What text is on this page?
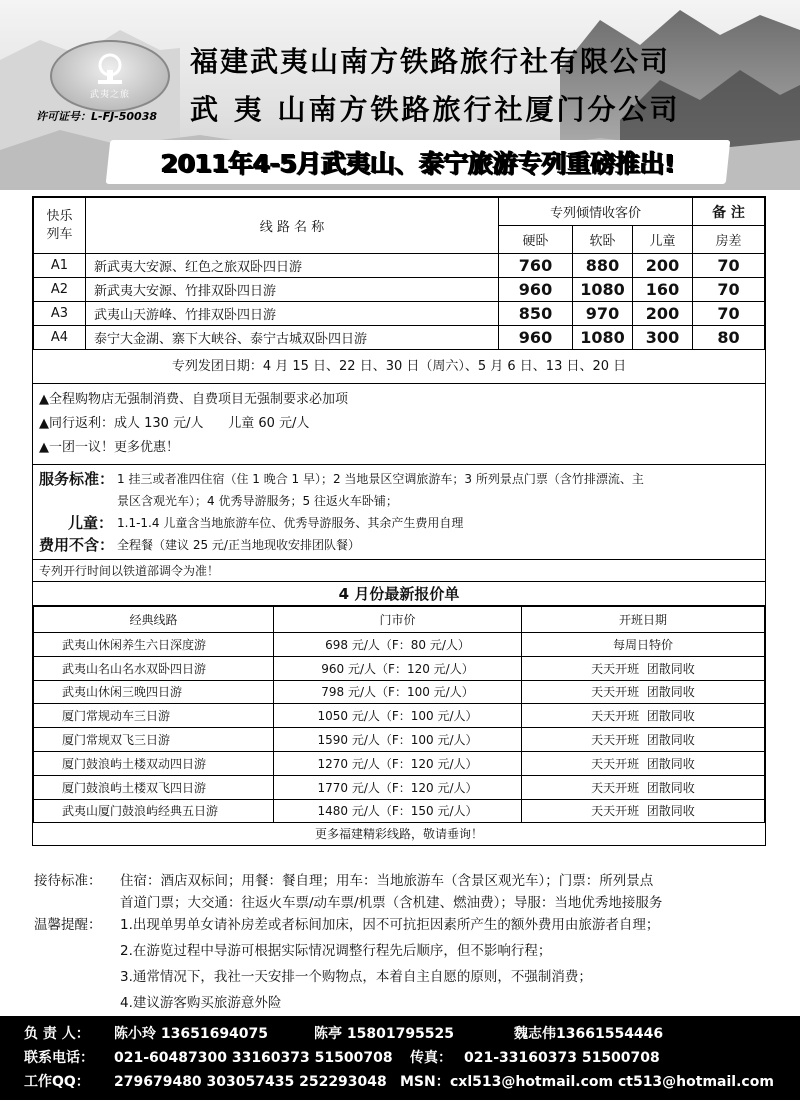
武夷之旅
许可证号：L-FJ-50038
福建武夷山南方铁路旅行社有限公司
武 夷 山南方铁路旅行社厦门分公司
2011年4-5月武夷山、泰宁旅游专列重磅推出!
快乐列车	线 路 名 称	专列倾情收客价			备 注
		硬卧	软卧	儿童	房差
A1	新武夷大安源、红色之旅双卧四日游	760	880	200	70
A2	新武夷大安源、竹排双卧四日游	960	1080	160	70
A3	武夷山天游峰、竹排双卧四日游	850	970	200	70
A4	泰宁大金湖、寨下大峡谷、泰宁古城双卧四日游	960	1080	300	80
专列发团日期：4 月 15 日、22 日、30 日（周六）、5 月 6 日、13 日、20 日
▲全程购物店无强制消费、自费项目无强制要求必加项
▲同行返利：成人 130 元/人      儿童 60 元/人
▲一团一议！更多优惠！
服务标准： 1 挂三或者准四住宿（住 1 晚合 1 早）；2 当地景区空调旅游车；3 所列景点门票（含竹排漂流、主
景区含观光车）；4 优秀导游服务；5 往返火车卧铺；
儿童： 1.1-1.4 儿童含当地旅游车位、优秀导游服务、其余产生费用自理
费用不含： 全程餐（建议 25 元/正当地现收安排团队餐）
专列开行时间以铁道部调令为准！
4 月份最新报价单
经典线路	门市价	开班日期
武夷山休闲养生六日深度游	698 元/人（F：80 元/人）	每周日特价
武夷山名山名水双卧四日游	960 元/人（F：120 元/人）	天天开班  团散同收
武夷山休闲三晚四日游	798 元/人（F：100 元/人）	天天开班  团散同收
厦门常规动车三日游	1050 元/人（F：100 元/人）	天天开班  团散同收
厦门常规双飞三日游	1590 元/人（F：100 元/人）	天天开班  团散同收
厦门鼓浪屿土楼双动四日游	1270 元/人（F：120 元/人）	天天开班  团散同收
厦门鼓浪屿土楼双飞四日游	1770 元/人（F：120 元/人）	天天开班  团散同收
武夷山厦门鼓浪屿经典五日游	1480 元/人（F：150 元/人）	天天开班  团散同收
更多福建精彩线路，敬请垂询！
接待标准：	住宿：酒店双标间；用餐：餐自理；用车：当地旅游车（含景区观光车）；门票：所列景点
首道门票；大交通：往返火车票/动车票/机票（含机建、燃油费）；导服：当地优秀地接服务
温馨提醒：	1.出现单男单女请补房差或者标间加床，因不可抗拒因素所产生的额外费用由旅游者自理；
2.在游览过程中导游可根据实际情况调整行程先后顺序，但不影响行程；
3.通常情况下，我社一天安排一个购物点，本着自主自愿的原则，不强制消费；
4.建议游客购买旅游意外险
负 责 人： 陈小玲 13651694075	陈亭 15801795525	魏志伟13661554446
联系电话： 021-60487300 33160373 51500708 传真： 021-33160373 51500708
工作QQ： 279679480 303057435 252293048 MSN： cxl513@hotmail.com ct513@hotmail.com
